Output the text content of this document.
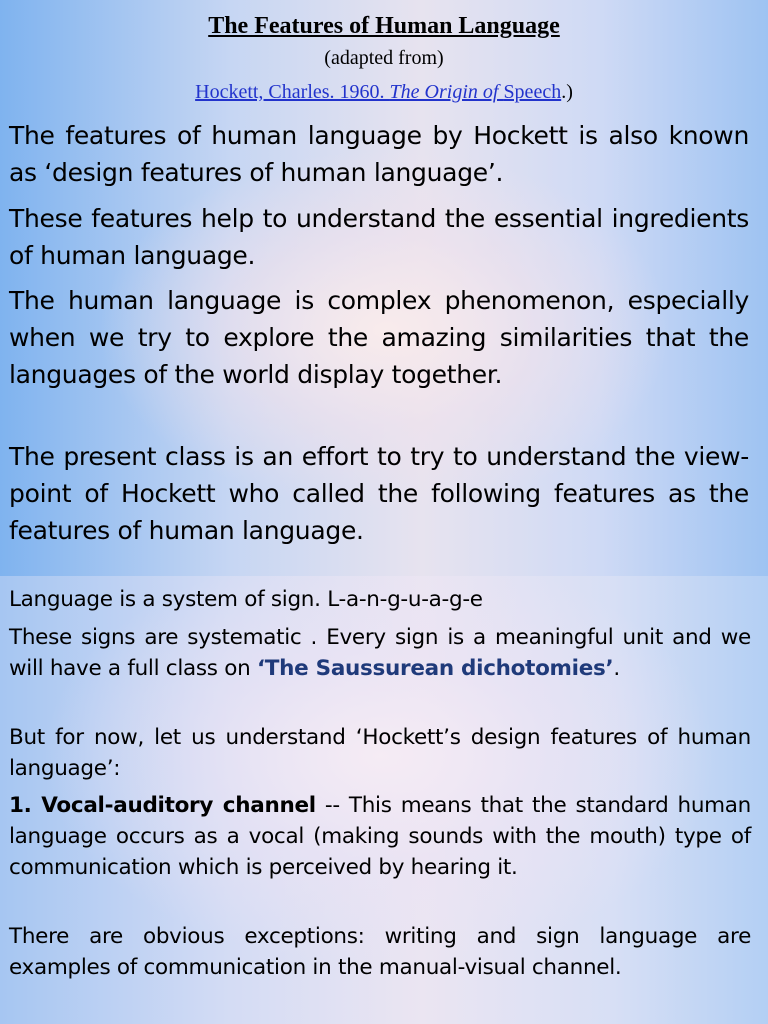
The Features of Human Language
(adapted from)
Hockett, Charles. 1960. The Origin of Speech.)

The features of human language by Hockett is also known as ‘design features of human language’.

These features help to understand the essential ingredients of human language.

The human language is complex phenomenon, especially when we try to explore the amazing similarities that the languages of the world display together.

The present class is an effort to try to understand the view-point of Hockett who called the following features as the features of human language.

Language is a system of sign. L-a-n-g-u-a-g-e

These signs are systematic . Every sign is a meaningful unit and we will have a full class on ‘The Saussurean dichotomies’.

But for now, let us understand ‘Hockett’s design features of human language’:

1. Vocal-auditory channel -- This means that the standard human language occurs as a vocal (making sounds with the mouth) type of communication which is perceived by hearing it.

There are obvious exceptions: writing and sign language are examples of communication in the manual-visual channel.
